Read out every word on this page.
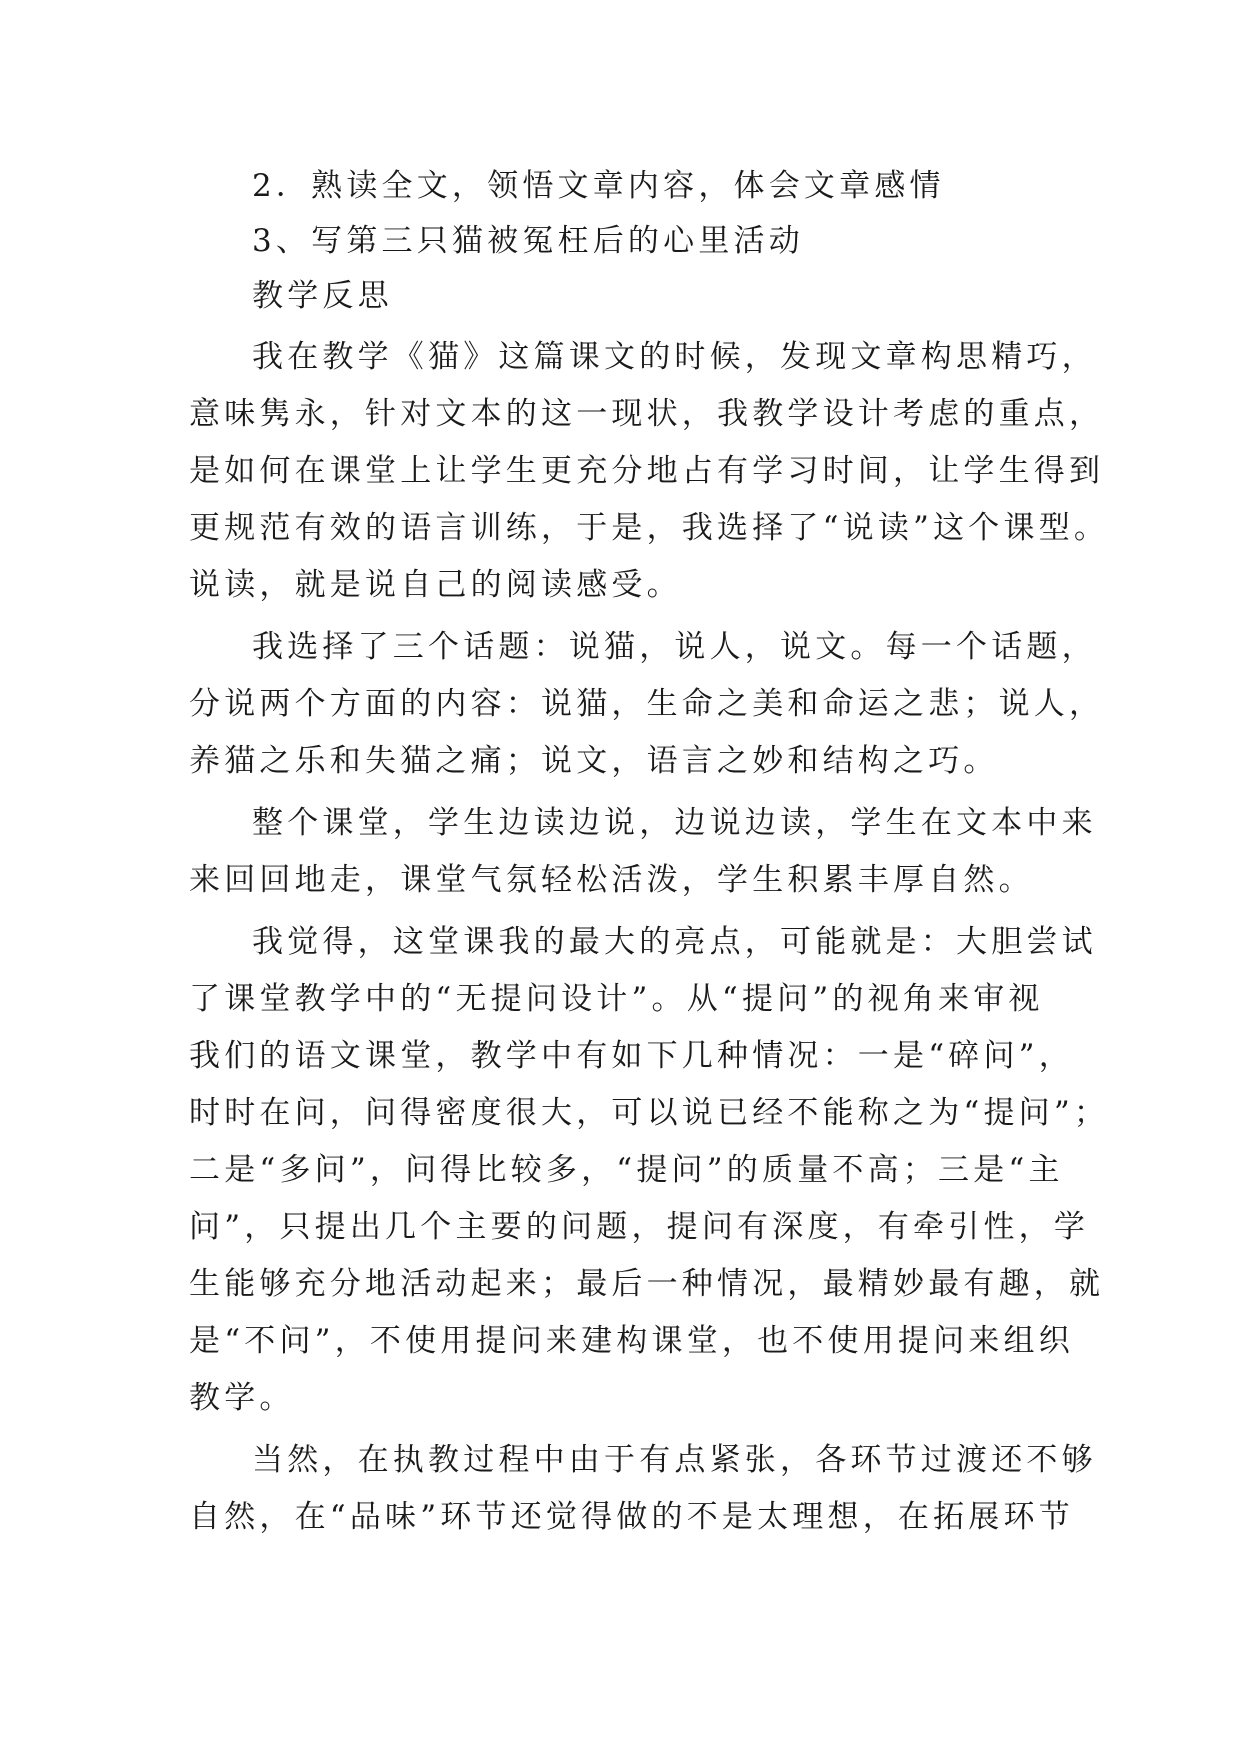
2．熟读全文，领悟文章内容，体会文章感情
3、写第三只猫被冤枉后的心里活动
教学反思
我在教学《猫》这篇课文的时候，发现文章构思精巧，
意味隽永，针对文本的这一现状，我教学设计考虑的重点，
是如何在课堂上让学生更充分地占有学习时间，让学生得到
更规范有效的语言训练，于是，我选择了“说读”这个课型。
说读，就是说自己的阅读感受。
我选择了三个话题：说猫，说人，说文。每一个话题，
分说两个方面的内容：说猫，生命之美和命运之悲；说人，
养猫之乐和失猫之痛；说文，语言之妙和结构之巧。
整个课堂，学生边读边说，边说边读，学生在文本中来
来回回地走，课堂气氛轻松活泼，学生积累丰厚自然。
我觉得，这堂课我的最大的亮点，可能就是：大胆尝试
了课堂教学中的“无提问设计”。从“提问”的视角来审视
我们的语文课堂，教学中有如下几种情况：一是“碎问”，
时时在问，问得密度很大，可以说已经不能称之为“提问”；
二是“多问”，问得比较多，“提问”的质量不高；三是“主
问”，只提出几个主要的问题，提问有深度，有牵引性，学
生能够充分地活动起来；最后一种情况，最精妙最有趣，就
是“不问”，不使用提问来建构课堂，也不使用提问来组织
教学。
当然，在执教过程中由于有点紧张，各环节过渡还不够
自然，在“品味”环节还觉得做的不是太理想，在拓展环节
